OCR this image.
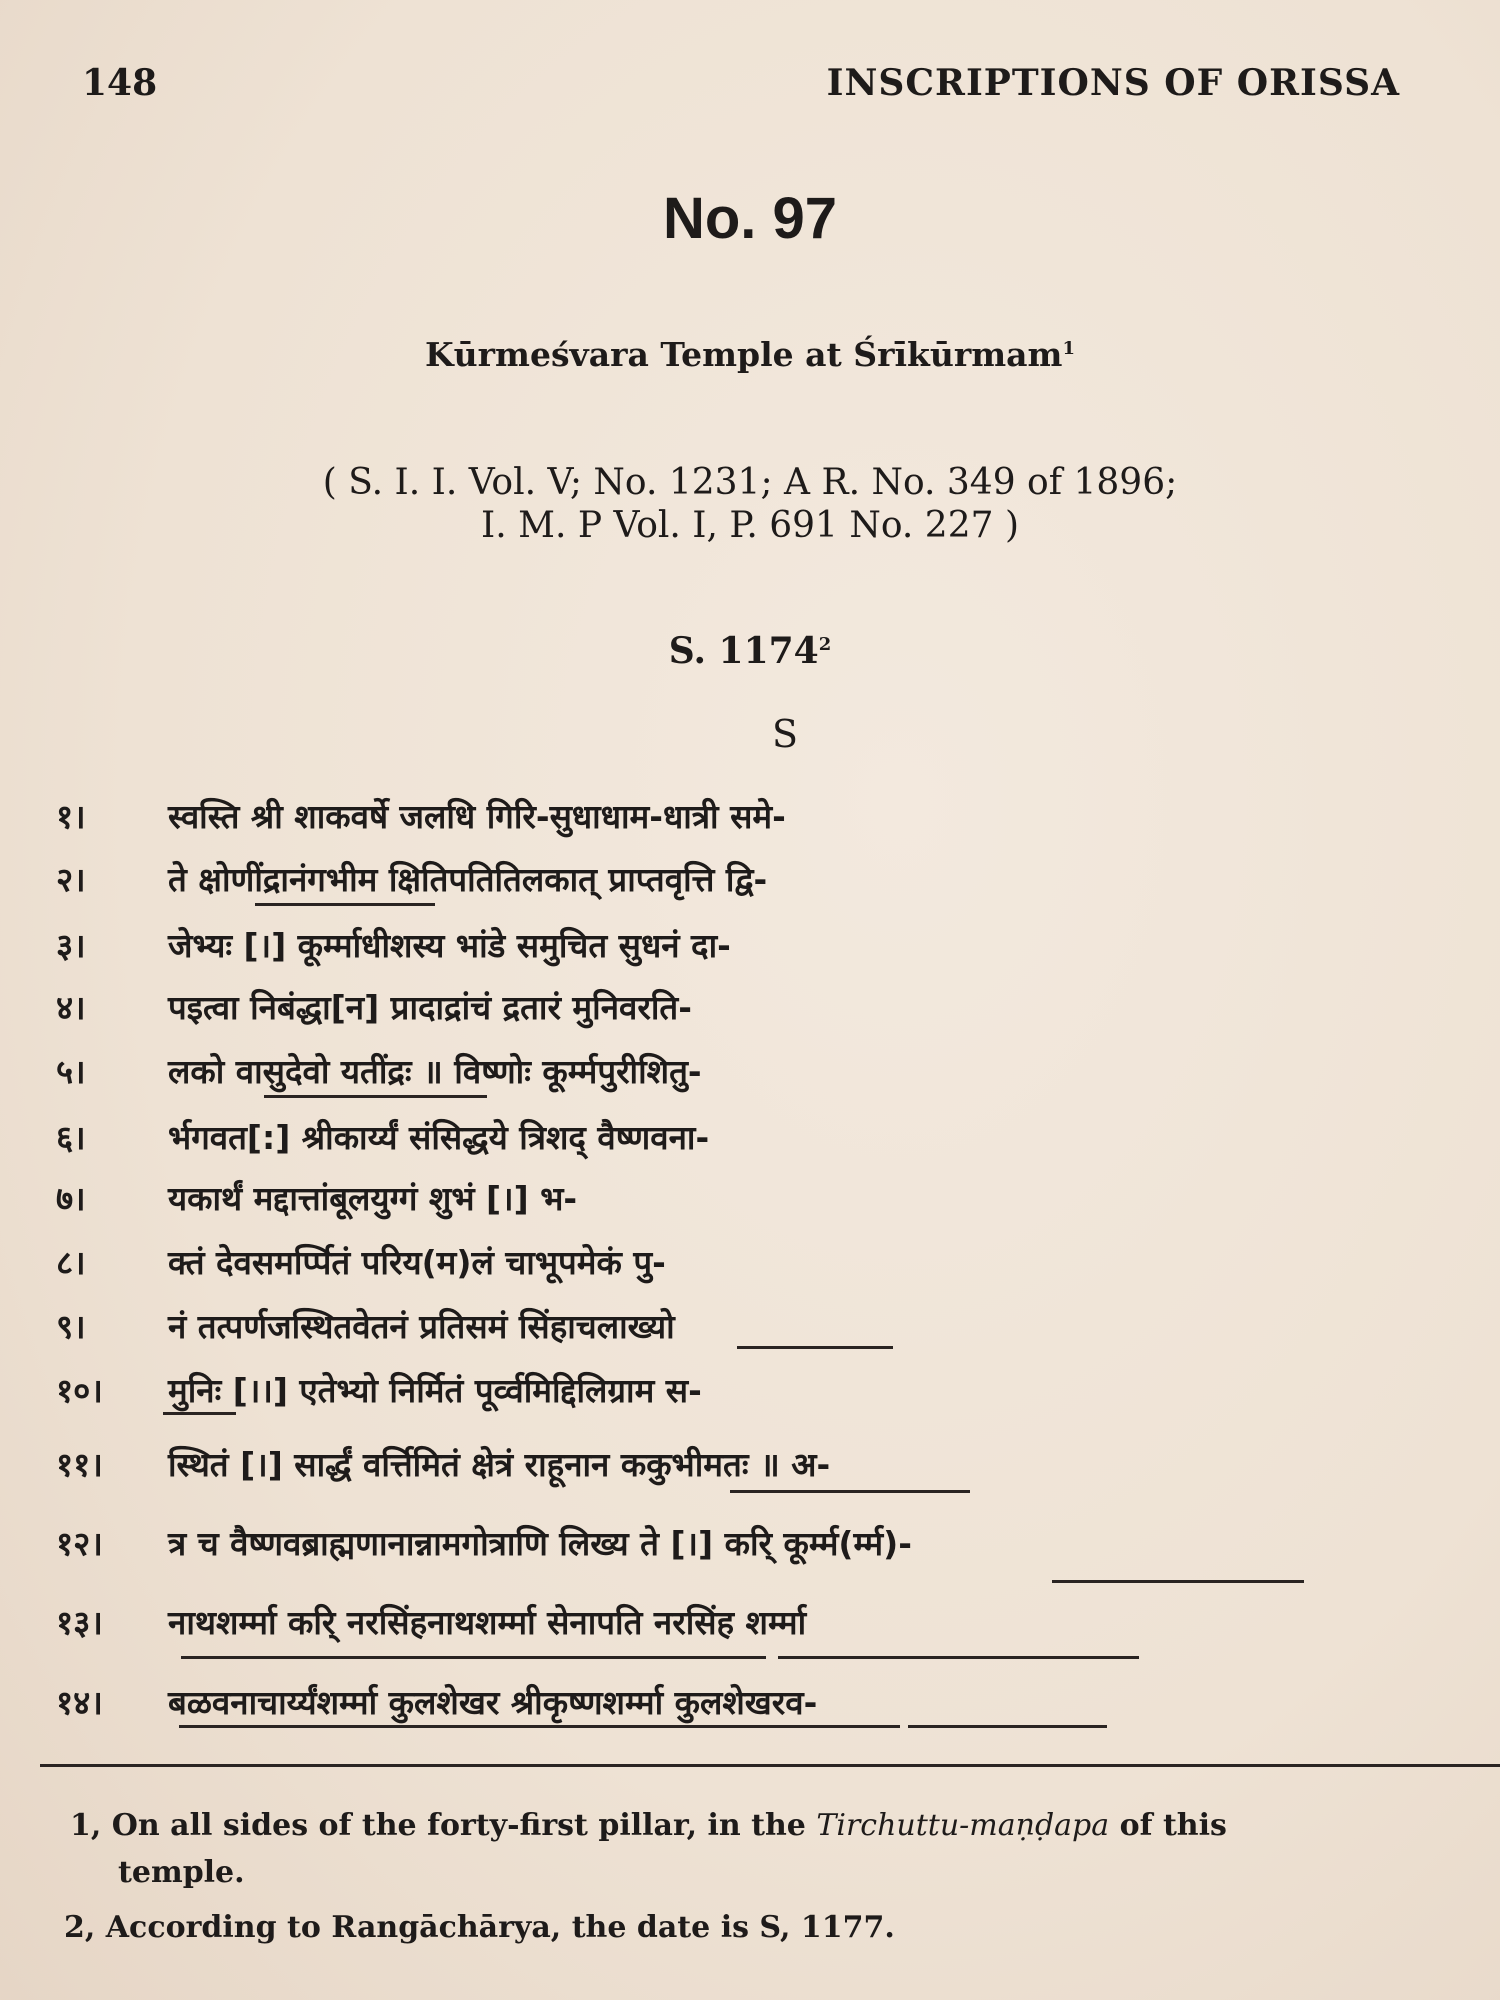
148	INSCRIPTIONS OF ORISSA
No. 97
Kūrmeśvara Temple at Śrīkūrmam$^1$
( S. I. I. Vol. V; No. 1231; A R. No. 349 of 1896;
I. M. P Vol. I, P. 691 No. 227 )
S. 1174$^2$
S
१।	स्वस्ति श्री शाकवर्षे जलधि गिरि-सुधाधाम-धात्री समे-
२।	ते क्षोणींद्रानंगभीम क्षितिपतितिलकात् प्राप्तवृत्ति द्वि-
३।	जेभ्यः [।] कूर्म्माधीशस्य भांडे समुचित सुधनं दा-
४।	पइत्वा निबंद्धा[न] प्रादाद्रांचं द्रतारं मुनिवरति-
५।	लको वासुदेवो यतींद्रः ॥ विष्णोः कूर्म्मपुरीशितु-
६।	र्भगवत[:] श्रीकार्य्यं संसिद्धये त्रिशद् वैष्णवना-
७।	यकार्थं मद्दात्तांबूलयुग्गं शुभं [।] भ-
८।	क्तं देवसमर्प्पितं परिय(म)लं चाभूपमेकं पु-
९।	नं तत्पर्णजस्थितवेतनं प्रतिसमं सिंहाचलाख्यो
१०।	मुनिः [।।] एतेभ्यो निर्मितं पूर्व्वमिद्दिलिग्राम स-
११।	स्थितं [।] सार्द्धं वर्त्तिमितं क्षेत्रं राहूनान ककुभीमतः ॥ अ-
१२।	त्र च वैष्णवब्राह्मणानान्नामगोत्राणि लिख्य ते [।] करि् कूर्म्म(र्म्म)-
१३।	नाथशर्म्मा करि् नरसिंहनाथशर्म्मा सेनापति नरसिंह शर्म्मा
१४।	बळवनाचार्य्यंशर्म्मा कुलशेखर श्रीकृष्णशर्म्मा कुलशेखरव-
1, On all sides of the forty-first pillar, in the Tirchuttu-maṇḍapa of this
temple.
2, According to Rangāchārya, the date is S, 1177.
